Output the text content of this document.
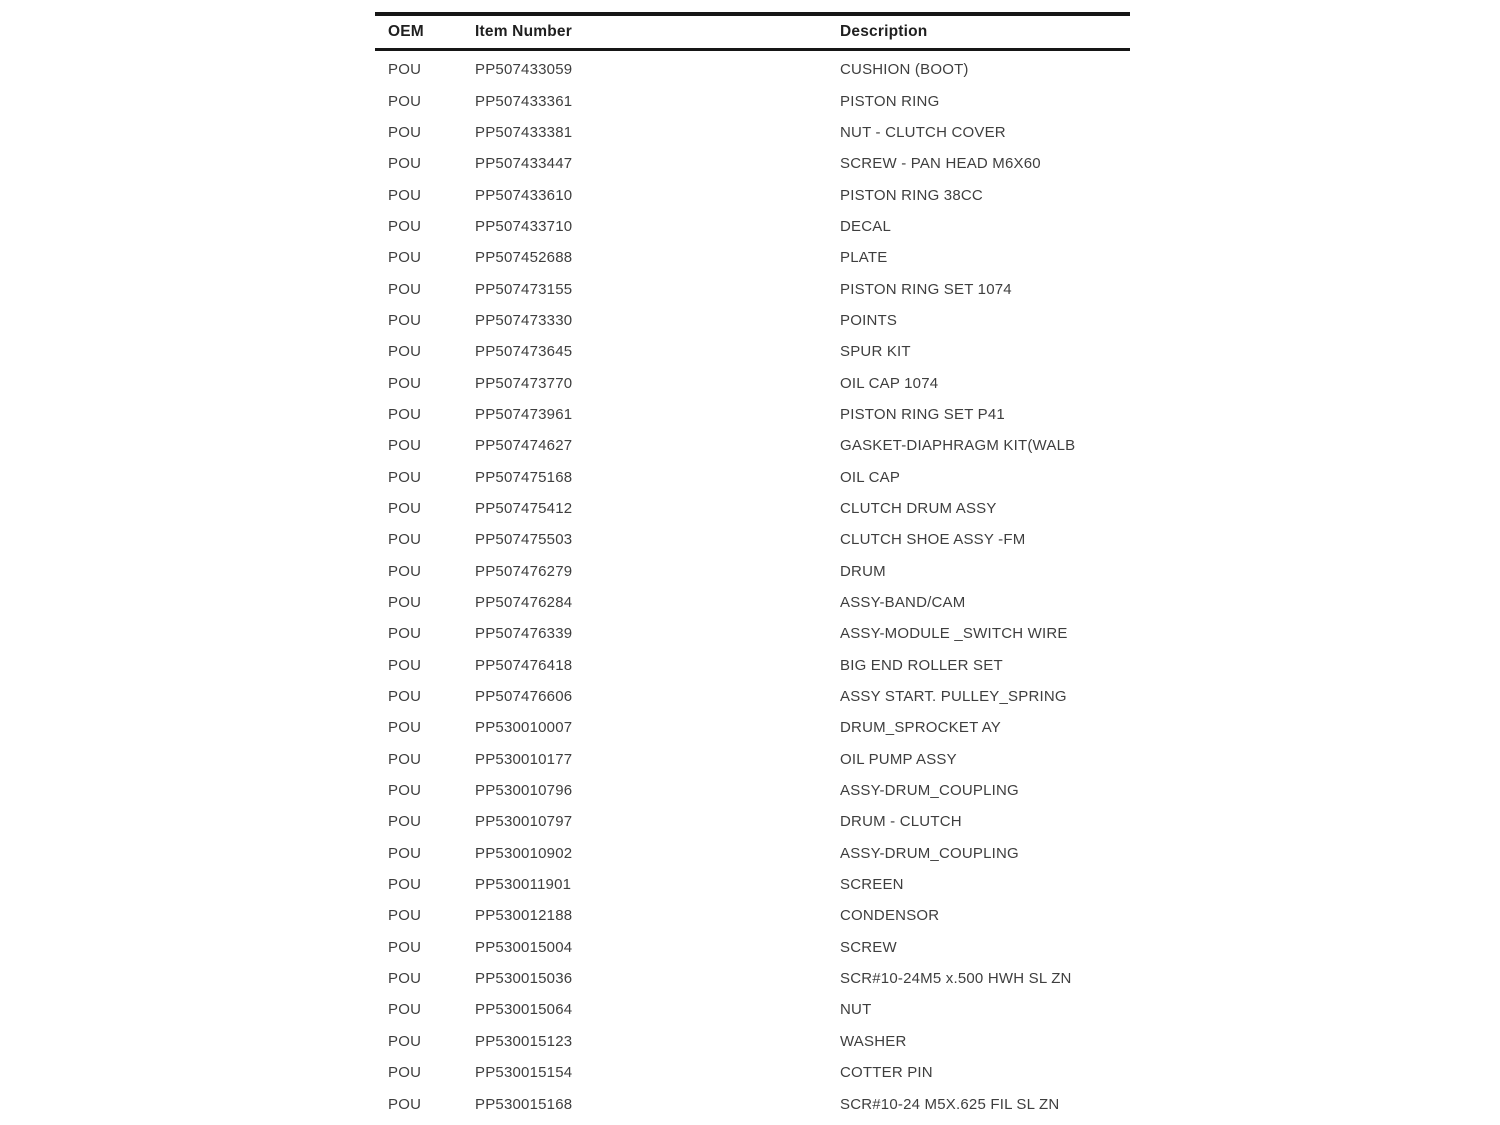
OEM	Item Number	Description
POU	PP507433059	CUSHION (BOOT)
POU	PP507433361	PISTON RING
POU	PP507433381	NUT - CLUTCH COVER
POU	PP507433447	SCREW - PAN HEAD M6X60
POU	PP507433610	PISTON RING 38CC
POU	PP507433710	DECAL
POU	PP507452688	PLATE
POU	PP507473155	PISTON RING SET 1074
POU	PP507473330	POINTS
POU	PP507473645	SPUR KIT
POU	PP507473770	OIL CAP 1074
POU	PP507473961	PISTON RING SET P41
POU	PP507474627	GASKET-DIAPHRAGM KIT(WALB
POU	PP507475168	OIL CAP
POU	PP507475412	CLUTCH DRUM ASSY
POU	PP507475503	CLUTCH SHOE ASSY -FM
POU	PP507476279	DRUM
POU	PP507476284	ASSY-BAND/CAM
POU	PP507476339	ASSY-MODULE _SWITCH WIRE
POU	PP507476418	BIG END ROLLER SET
POU	PP507476606	ASSY START. PULLEY_SPRING
POU	PP530010007	DRUM_SPROCKET AY
POU	PP530010177	OIL PUMP ASSY
POU	PP530010796	ASSY-DRUM_COUPLING
POU	PP530010797	DRUM - CLUTCH
POU	PP530010902	ASSY-DRUM_COUPLING
POU	PP530011901	SCREEN
POU	PP530012188	CONDENSOR
POU	PP530015004	SCREW
POU	PP530015036	SCR#10-24M5 x.500 HWH SL ZN
POU	PP530015064	NUT
POU	PP530015123	WASHER
POU	PP530015154	COTTER PIN
POU	PP530015168	SCR#10-24 M5X.625 FIL SL ZN
